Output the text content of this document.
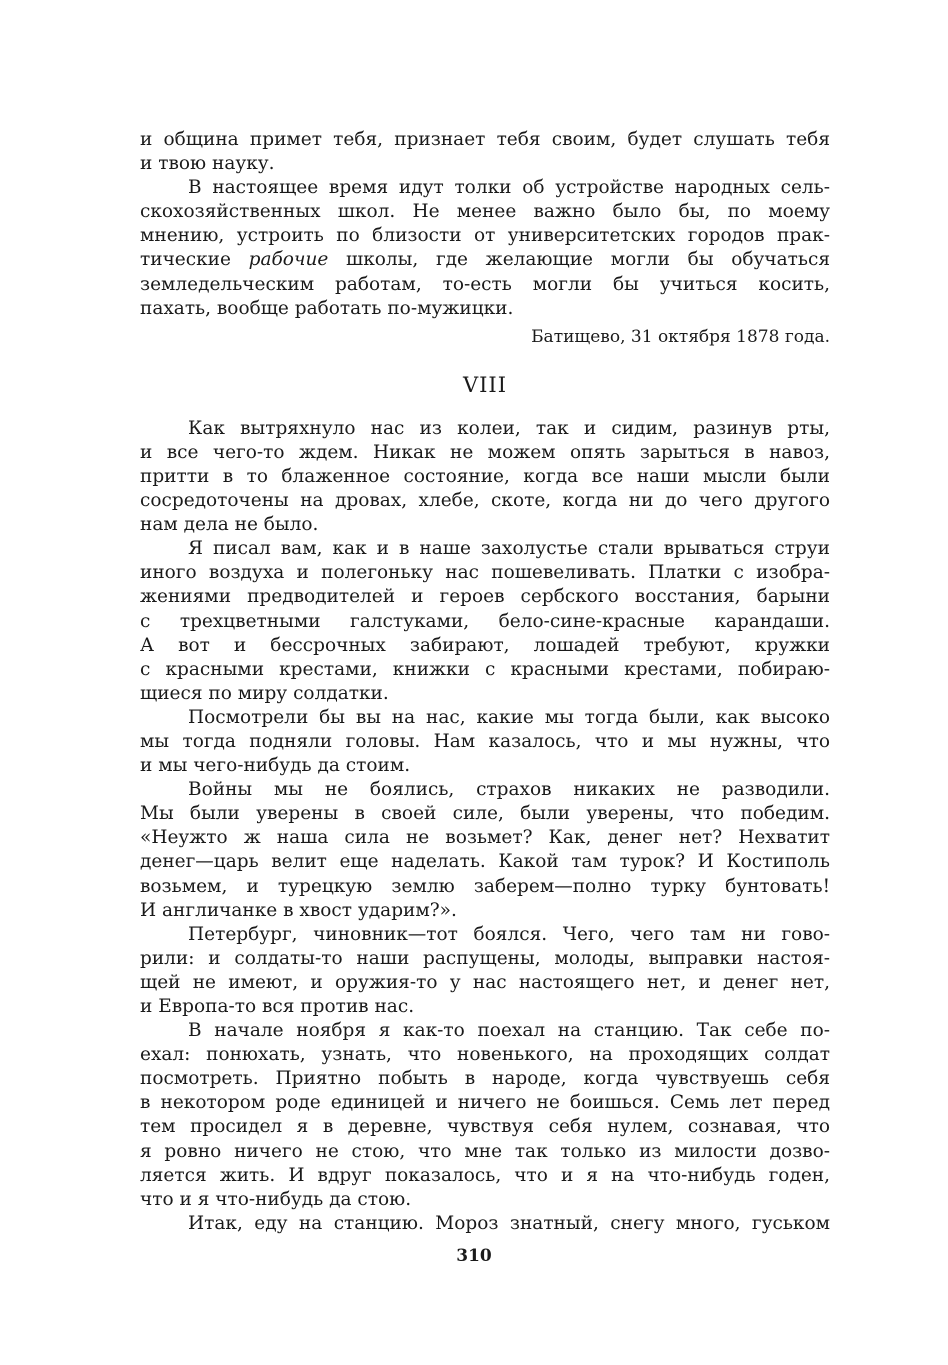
и община примет тебя, признает тебя своим, будет слушать тебя
и твою науку.

В настоящее время идут толки об устройстве народных сель-
скохозяйственных школ. Не менее важно было бы, по моему
мнению, устроить по близости от университетских городов прак-
тические рабочие школы, где желающие могли бы обучаться
земледельческим работам, то-есть могли бы учиться косить,
пахать, вообще работать по-мужицки.

Батищево, 31 октября 1878 года.
VIII

Как вытряхнуло нас из колеи, так и сидим, разинув рты,
и все чего-то ждем. Никак не можем опять зарыться в навоз,
притти в то блаженное состояние, когда все наши мысли были
сосредоточены на дровах, хлебе, скоте, когда ни до чего другого
нам дела не было.

Я писал вам, как и в наше захолустье стали врываться струи
иного воздуха и полегоньку нас пошевеливать. Платки с изобра-
жениями предводителей и героев сербского восстания, барыни
с трехцветными галстуками, бело-сине-красные карандаши.
А вот и бессрочных забирают, лошадей требуют, кружки
с красными крестами, книжки с красными крестами, побираю-
щиеся по миру солдатки.

Посмотрели бы вы на нас, какие мы тогда были, как высоко
мы тогда подняли головы. Нам казалось, что и мы нужны, что
и мы чего-нибудь да стоим.

Войны мы не боялись, страхов никаких не разводили.
Мы были уверены в своей силе, были уверены, что победим.
«Неужто ж наша сила не возьмет? Как, денег нет? Нехватит
денег—царь велит еще наделать. Какой там турок? И Костиполь
возьмем, и турецкую землю заберем—полно турку бунтовать!
И англичанке в хвост ударим?».

Петербург, чиновник—тот боялся. Чего, чего там ни гово-
рили: и солдаты-то наши распущены, молоды, выправки настоя-
щей не имеют, и оружия-то у нас настоящего нет, и денег нет,
и Европа-то вся против нас.

В начале ноября я как-то поехал на станцию. Так себе по-
ехал: понюхать, узнать, что новенького, на проходящих солдат
посмотреть. Приятно побыть в народе, когда чувствуешь себя
в некотором роде единицей и ничего не боишься. Семь лет перед
тем просидел я в деревне, чувствуя себя нулем, сознавая, что
я ровно ничего не стою, что мне так только из милости дозво-
ляется жить. И вдруг показалось, что и я на что-нибудь годен,
что и я что-нибудь да стою.

Итак, еду на станцию. Мороз знатный, снегу много, гуськом

310
